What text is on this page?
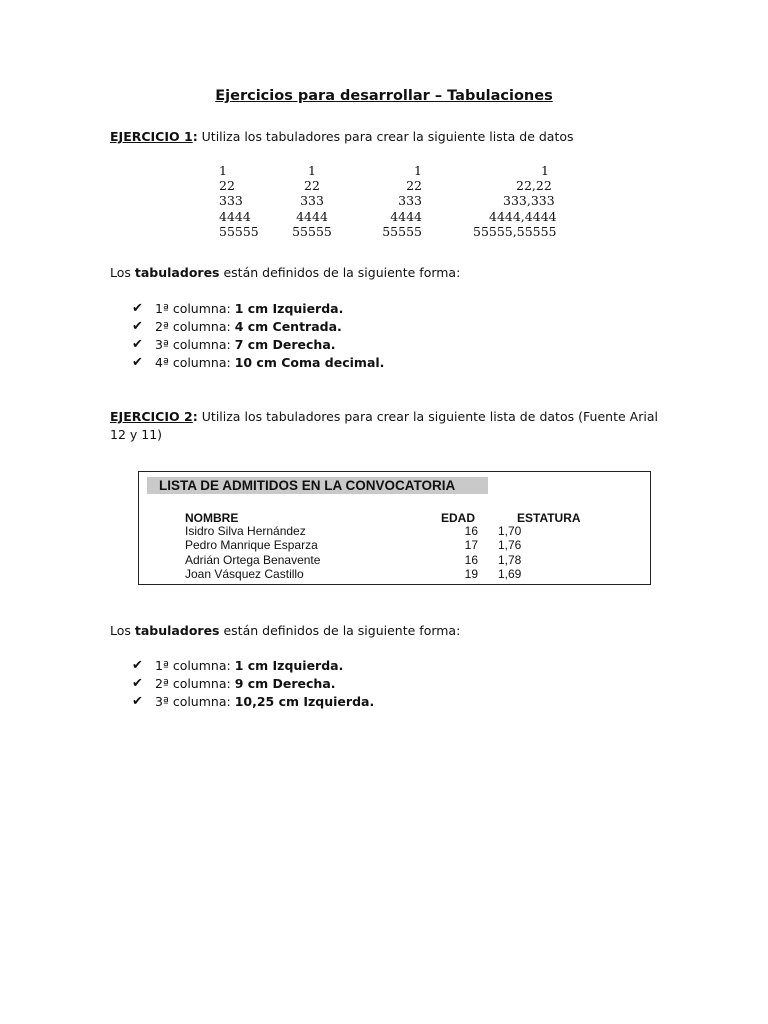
Ejercicios para desarrollar – Tabulaciones
EJERCICIO 1: Utiliza los tabuladores para crear la siguiente lista de datos
1	1	1	1
22	22	22	22,22
333	333	333	333,333
4444	4444	4444	4444,4444
55555	55555	55555	55555,55555
Los tabuladores están definidos de la siguiente forma:
✔ 1ª columna: 1 cm Izquierda.
✔ 2ª columna: 4 cm Centrada.
✔ 3ª columna: 7 cm Derecha.
✔ 4ª columna: 10 cm Coma decimal.
EJERCICIO 2: Utiliza los tabuladores para crear la siguiente lista de datos (Fuente Arial
12 y 11)
LISTA DE ADMITIDOS EN LA CONVOCATORIA
NOMBRE	EDAD	ESTATURA
Isidro Silva Hernández	16 1,70
Pedro Manrique Esparza	17 1,76
Adrián Ortega Benavente	16 1,78
Joan Vásquez Castillo	19 1,69
Los tabuladores están definidos de la siguiente forma:
✔ 1ª columna: 1 cm Izquierda.
✔ 2ª columna: 9 cm Derecha.
✔ 3ª columna: 10,25 cm Izquierda.
